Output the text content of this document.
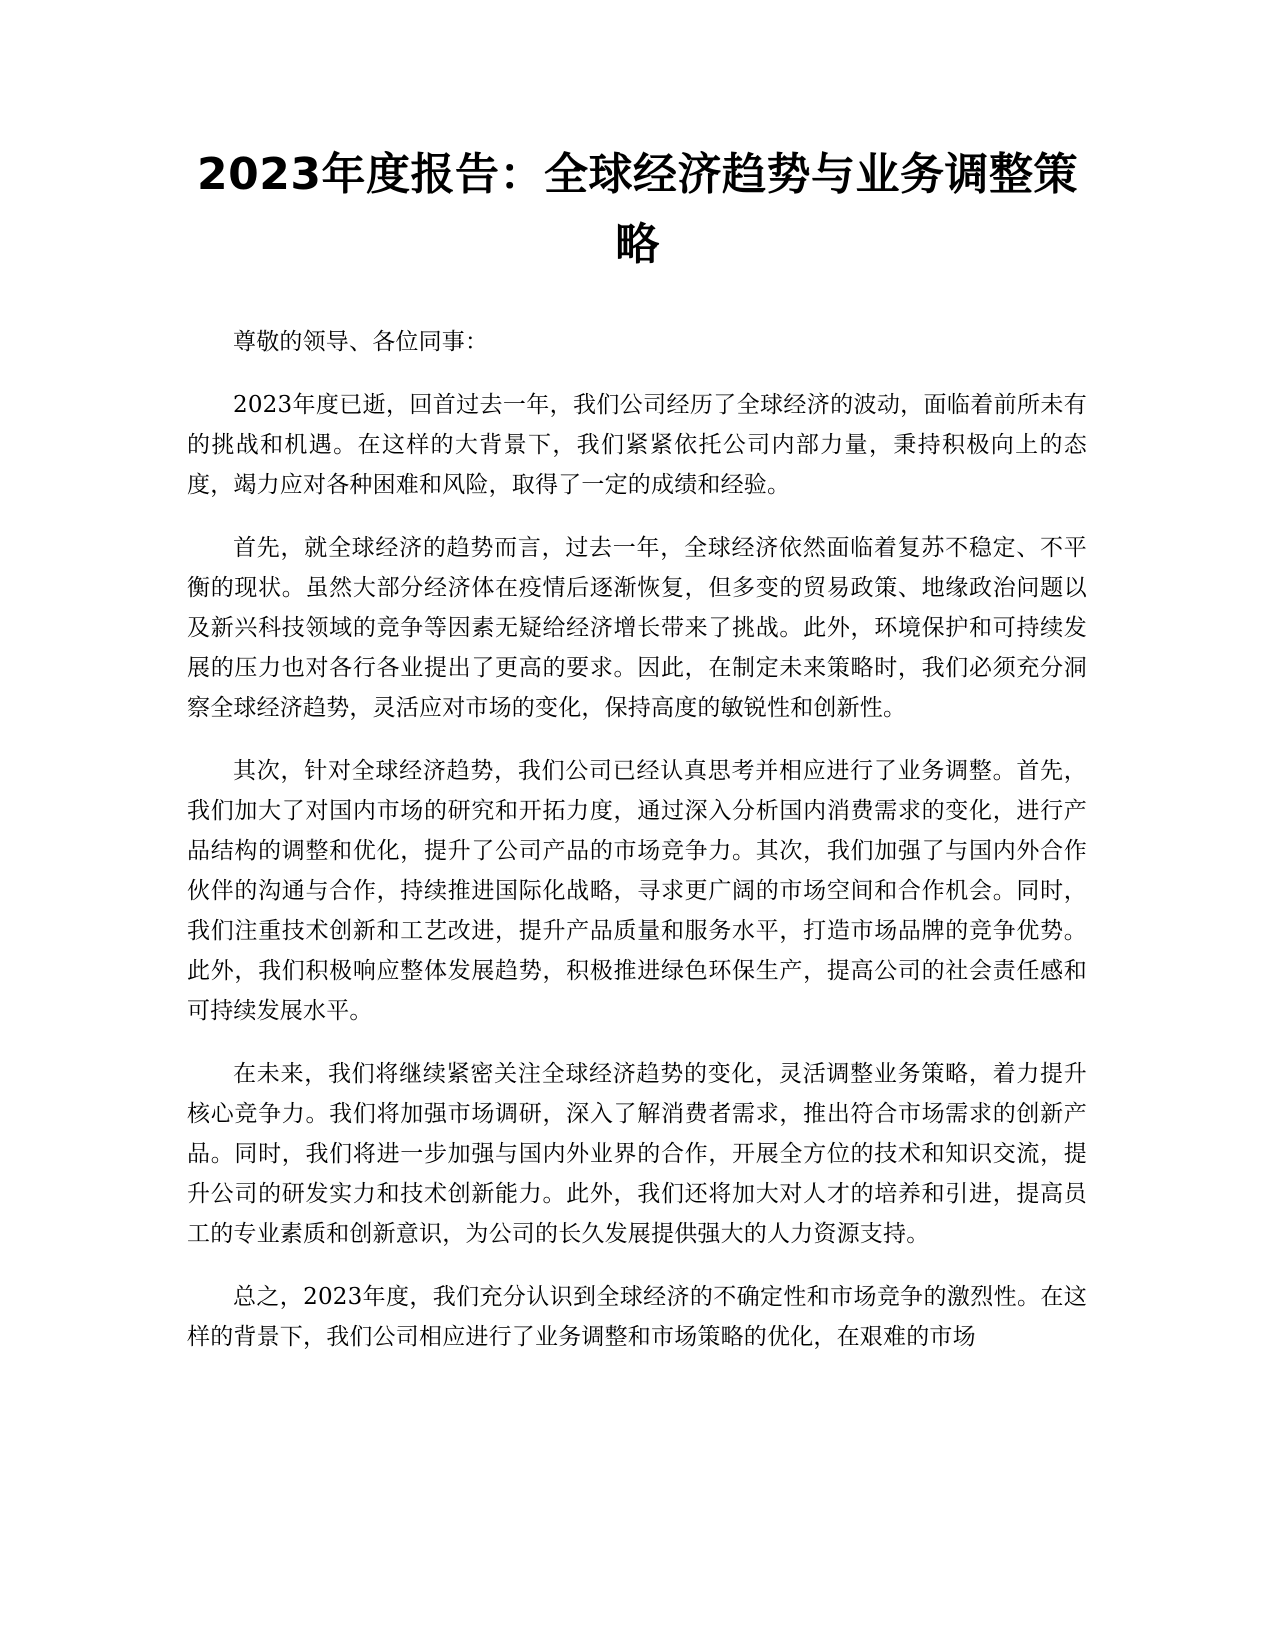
2023年度报告：全球经济趋势与业务调整策略

尊敬的领导、各位同事：

2023年度已逝，回首过去一年，我们公司经历了全球经济的波动，面临着前所未有的挑战和机遇。在这样的大背景下，我们紧紧依托公司内部力量，秉持积极向上的态度，竭力应对各种困难和风险，取得了一定的成绩和经验。

首先，就全球经济的趋势而言，过去一年，全球经济依然面临着复苏不稳定、不平衡的现状。虽然大部分经济体在疫情后逐渐恢复，但多变的贸易政策、地缘政治问题以及新兴科技领域的竞争等因素无疑给经济增长带来了挑战。此外，环境保护和可持续发展的压力也对各行各业提出了更高的要求。因此，在制定未来策略时，我们必须充分洞察全球经济趋势，灵活应对市场的变化，保持高度的敏锐性和创新性。

其次，针对全球经济趋势，我们公司已经认真思考并相应进行了业务调整。首先，我们加大了对国内市场的研究和开拓力度，通过深入分析国内消费需求的变化，进行产品结构的调整和优化，提升了公司产品的市场竞争力。其次，我们加强了与国内外合作伙伴的沟通与合作，持续推进国际化战略，寻求更广阔的市场空间和合作机会。同时，我们注重技术创新和工艺改进，提升产品质量和服务水平，打造市场品牌的竞争优势。此外，我们积极响应整体发展趋势，积极推进绿色环保生产，提高公司的社会责任感和可持续发展水平。

在未来，我们将继续紧密关注全球经济趋势的变化，灵活调整业务策略，着力提升核心竞争力。我们将加强市场调研，深入了解消费者需求，推出符合市场需求的创新产品。同时，我们将进一步加强与国内外业界的合作，开展全方位的技术和知识交流，提升公司的研发实力和技术创新能力。此外，我们还将加大对人才的培养和引进，提高员工的专业素质和创新意识，为公司的长久发展提供强大的人力资源支持。

总之，2023年度，我们充分认识到全球经济的不确定性和市场竞争的激烈性。在这样的背景下，我们公司相应进行了业务调整和市场策略的优化，在艰难的市场
